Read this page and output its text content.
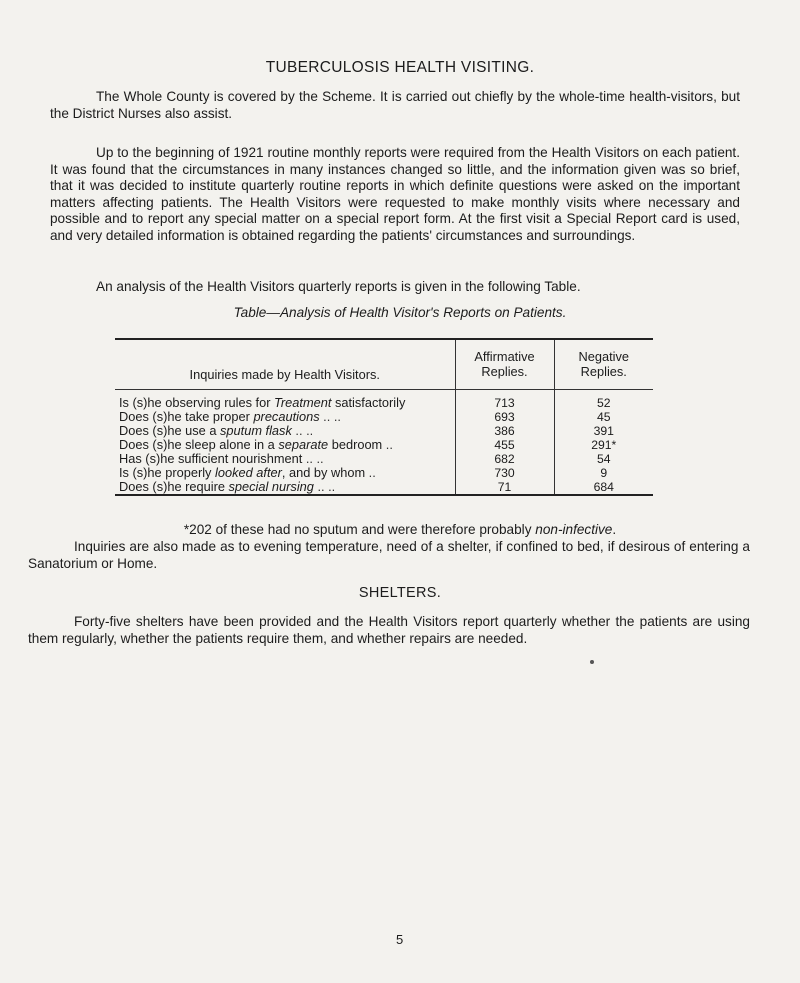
TUBERCULOSIS HEALTH VISITING.

The Whole County is covered by the Scheme. It is carried out chiefly by the whole-time health-visitors, but the District Nurses also assist.

Up to the beginning of 1921 routine monthly reports were required from the Health Visitors on each patient. It was found that the circumstances in many instances changed so little, and the information given was so brief, that it was decided to institute quarterly routine reports in which definite questions were asked on the important matters affecting patients. The Health Visitors were requested to make monthly visits where necessary and possible and to report any special matter on a special report form. At the first visit a Special Report card is used, and very detailed information is obtained regarding the patients' circumstances and surroundings.

An analysis of the Health Visitors quarterly reports is given in the following Table.

Table—Analysis of Health Visitor's Reports on Patients.

Inquiries made by Health Visitors.	Affirmative Replies.	Negative Replies.
Is (s)he observing rules for Treatment satisfactorily	713	52
Does (s)he take proper precautions .. ..	693	45
Does (s)he use a sputum flask .. ..	386	391
Does (s)he sleep alone in a separate bedroom ..	455	291*
Has (s)he sufficient nourishment .. ..	682	54
Is (s)he properly looked after, and by whom ..	730	9
Does (s)he require special nursing .. ..	71	684

*202 of these had no sputum and were therefore probably non-infective.

Inquiries are also made as to evening temperature, need of a shelter, if confined to bed, if desirous of entering a Sanatorium or Home.

SHELTERS.

Forty-five shelters have been provided and the Health Visitors report quarterly whether the patients are using them regularly, whether the patients require them, and whether repairs are needed.

5
